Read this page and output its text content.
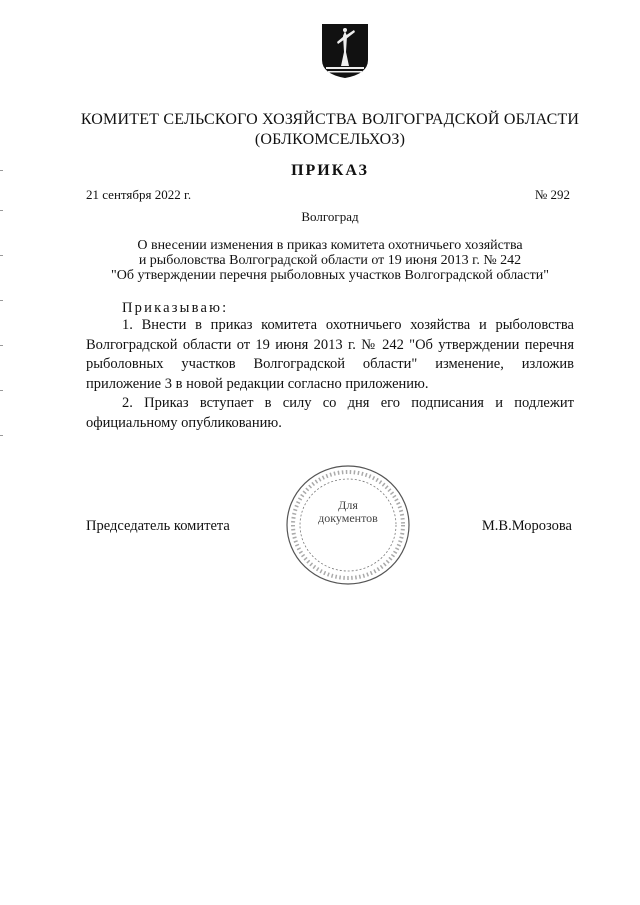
КОМИТЕТ СЕЛЬСКОГО ХОЗЯЙСТВА ВОЛГОГРАДСКОЙ ОБЛАСТИ
(ОБЛКОМСЕЛЬХОЗ)
ПРИКАЗ
21 сентября 2022 г.	№ 292
Волгоград
О внесении изменения в приказ комитета охотничьего хозяйства
и рыболовства Волгоградской области от 19 июня 2013 г. № 242
"Об утверждении перечня рыболовных участков Волгоградской области"
Приказываю:

1. Внести в приказ комитета охотничьего хозяйства и рыболовства Волгоградской области от 19 июня 2013 г. № 242 "Об утверждении перечня рыболовных участков Волгоградской области" изменение, изложив приложение 3 в новой редакции согласно приложению.

2. Приказ вступает в силу со дня его подписания и подлежит официальному опубликованию.

Председатель комитета	М.В.Морозова
Для
документов
